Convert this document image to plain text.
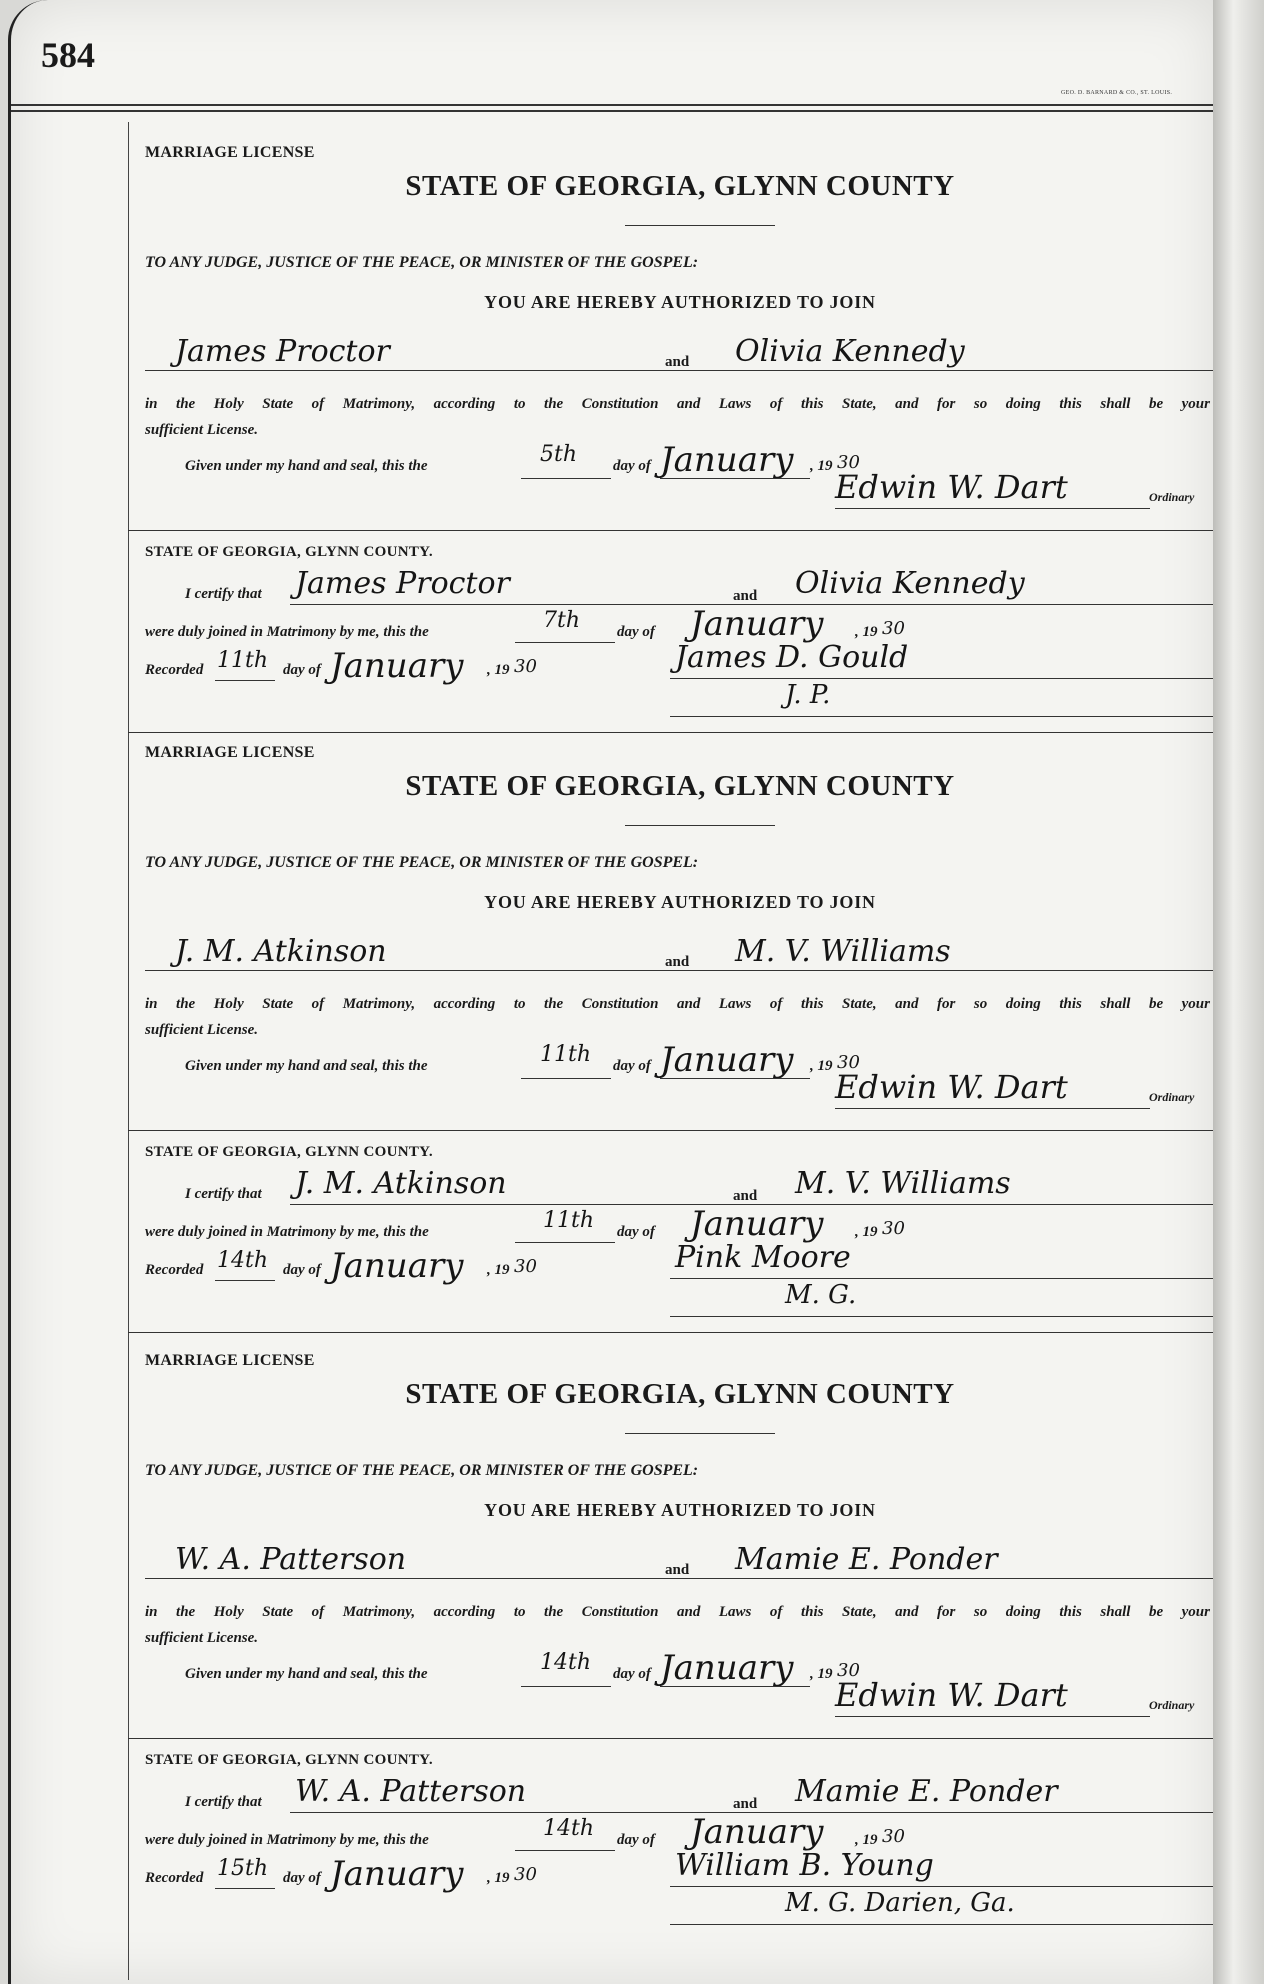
584
GEO. D. BARNARD & CO., ST. LOUIS.
MARRIAGE LICENSE
STATE OF GEORGIA, GLYNN COUNTY
TO ANY JUDGE, JUSTICE OF THE PEACE, OR MINISTER OF THE GOSPEL:
YOU ARE HEREBY AUTHORIZED TO JOIN
James Proctor	and Olivia Kennedy
in the Holy State of Matrimony, according to the Constitution and Laws of this State, and for so doing this shall be your
sufficient License.
Given under my hand and seal, this the	5th day of January , 19 30
Edwin W. Dart	Ordinary
STATE OF GEORGIA, GLYNN COUNTY.
I certify that James Proctor	and Olivia Kennedy
were duly joined in Matrimony by me, this the	7th day of January , 19 30
Recorded 11th day of January , 19 30	James D. Gould
J. P.
MARRIAGE LICENSE
STATE OF GEORGIA, GLYNN COUNTY
TO ANY JUDGE, JUSTICE OF THE PEACE, OR MINISTER OF THE GOSPEL:
YOU ARE HEREBY AUTHORIZED TO JOIN
J. M. Atkinson	and M. V. Williams
in the Holy State of Matrimony, according to the Constitution and Laws of this State, and for so doing this shall be your
sufficient License.
Given under my hand and seal, this the	11th day of January , 19 30
Edwin W. Dart	Ordinary
STATE OF GEORGIA, GLYNN COUNTY.
I certify that J. M. Atkinson	and M. V. Williams
were duly joined in Matrimony by me, this the	11th day of January , 19 30
Recorded 14th day of January , 19 30	Pink Moore
M. G.
MARRIAGE LICENSE
STATE OF GEORGIA, GLYNN COUNTY
TO ANY JUDGE, JUSTICE OF THE PEACE, OR MINISTER OF THE GOSPEL:
YOU ARE HEREBY AUTHORIZED TO JOIN
W. A. Patterson	and Mamie E. Ponder
in the Holy State of Matrimony, according to the Constitution and Laws of this State, and for so doing this shall be your
sufficient License.
Given under my hand and seal, this the	14th day of January , 19 30
Edwin W. Dart	Ordinary
STATE OF GEORGIA, GLYNN COUNTY.
I certify that W. A. Patterson	and Mamie E. Ponder
were duly joined in Matrimony by me, this the	14th day of January , 19 30
Recorded 15th day of January , 19 30	William B. Young
M. G. Darien, Ga.
